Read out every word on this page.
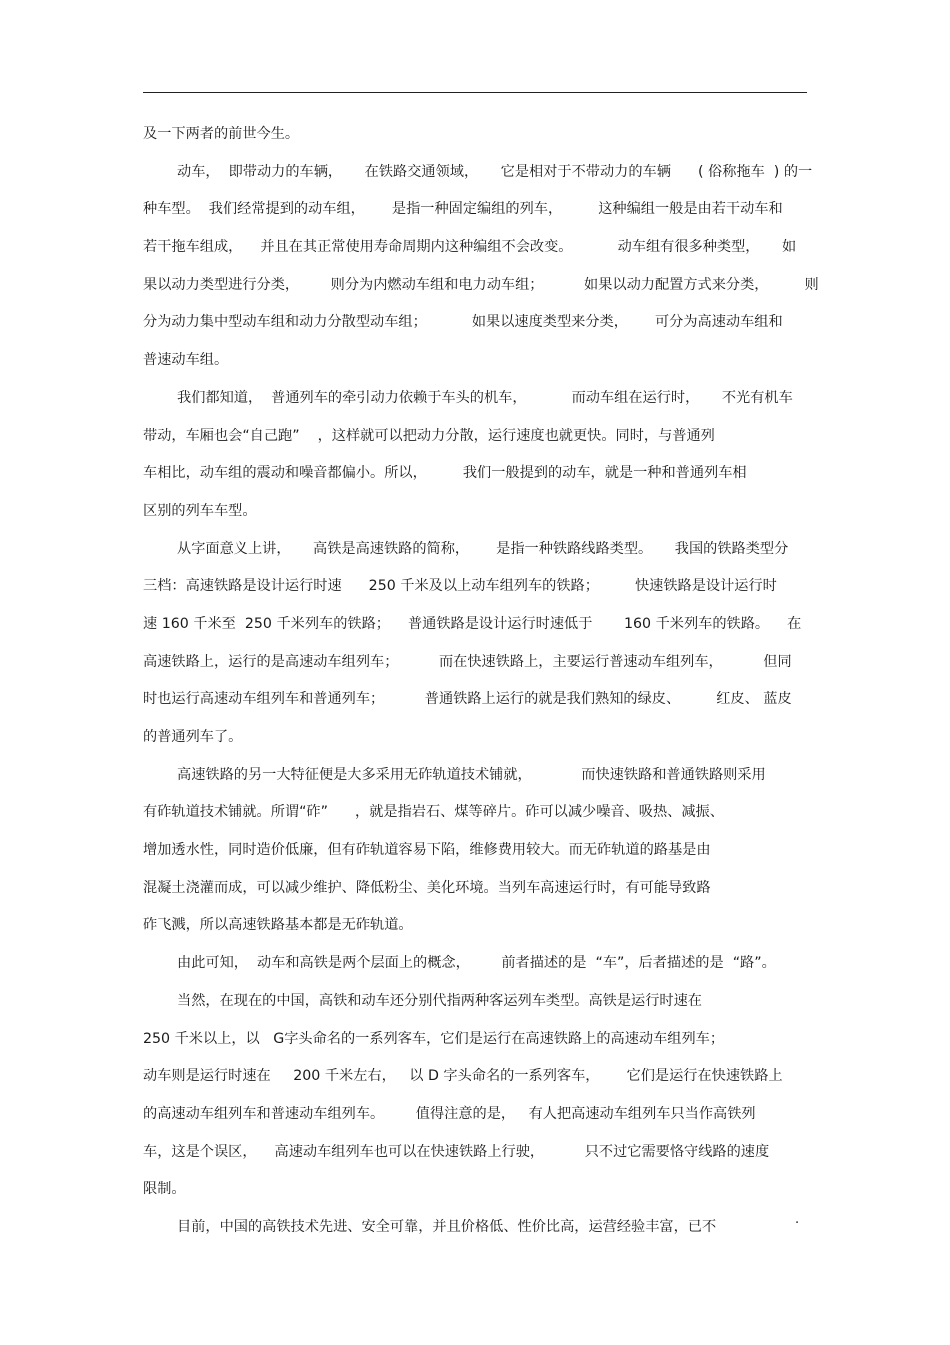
及一下两者的前世今生。
动车，  即带动力的车辆，     在铁路交通领域，     它是相对于不带动力的车辆      ( 俗称拖车  ) 的一
种车型。  我们经常提到的动车组，      是指一种固定编组的列车，        这种编组一般是由若干动车和
若干拖车组成，    并且在其正常使用寿命周期内这种编组不会改变。          动车组有很多种类型，     如
果以动力类型进行分类，       则分为内燃动车组和电力动车组；         如果以动力配置方式来分类，        则
分为动力集中型动车组和动力分散型动车组；          如果以速度类型来分类，      可分为高速动车组和
普速动车组。
我们都知道，  普通列车的牵引动力依赖于车头的机车，          而动车组在运行时，     不光有机车
带动，车厢也会“自己跑”    ，这样就可以把动力分散，运行速度也就更快。同时，与普通列
车相比，动车组的震动和噪音都偏小。所以，        我们一般提到的动车，就是一种和普通列车相
区别的列车车型。
从字面意义上讲，     高铁是高速铁路的简称，      是指一种铁路线路类型。     我国的铁路类型分
三档：高速铁路是设计运行时速      250 千米及以上动车组列车的铁路；        快速铁路是设计运行时
速 160 千米至  250 千米列车的铁路；    普通铁路是设计运行时速低于       160 千米列车的铁路。    在
高速铁路上，运行的是高速动车组列车；         而在快速铁路上，主要运行普速动车组列车，         但同
时也运行高速动车组列车和普通列车；         普通铁路上运行的就是我们熟知的绿皮、        红皮、 蓝皮
的普通列车了。
高速铁路的另一大特征便是大多采用无砟轨道技术铺就，           而快速铁路和普通铁路则采用
有砟轨道技术铺就。所谓“砟”      ，就是指岩石、煤等碎片。砟可以减少噪音、吸热、减振、
增加透水性，同时造价低廉，但有砟轨道容易下陷，维修费用较大。而无砟轨道的路基是由
混凝土浇灌而成，可以减少维护、降低粉尘、美化环境。当列车高速运行时，有可能导致路
砟飞溅，所以高速铁路基本都是无砟轨道。
由此可知，  动车和高铁是两个层面上的概念，       前者描述的是  “车”，后者描述的是  “路”。
当然，在现在的中国，高铁和动车还分别代指两种客运列车类型。高铁是运行时速在
250 千米以上，以   G字头命名的一系列客车，它们是运行在高速铁路上的高速动车组列车；
动车则是运行时速在     200 千米左右，   以 D 字头命名的一系列客车，      它们是运行在快速铁路上
的高速动车组列车和普速动车组列车。       值得注意的是，   有人把高速动车组列车只当作高铁列
车，这是个误区，    高速动车组列车也可以在快速铁路上行驶，         只不过它需要恪守线路的速度
限制。
目前，中国的高铁技术先进、安全可靠，并且价格低、性价比高，运营经验丰富，已不	.
